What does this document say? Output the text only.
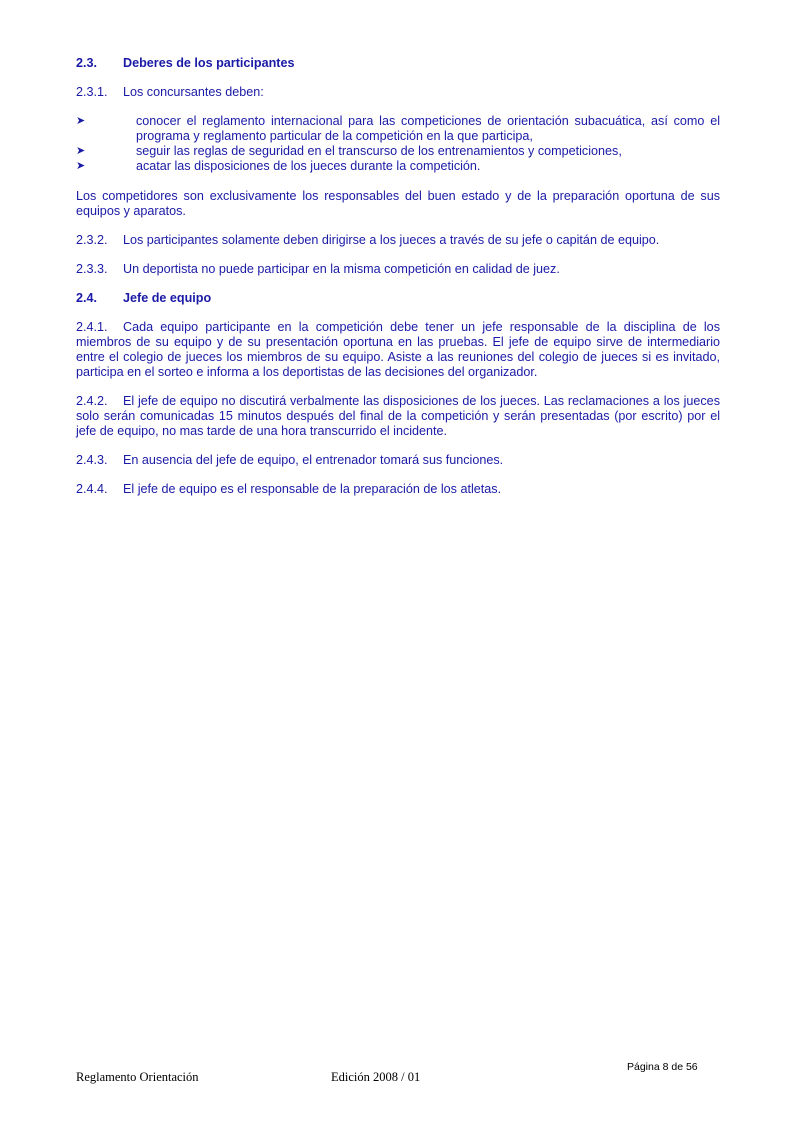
2.3.	Deberes de los participantes
2.3.1.	Los concursantes deben:
➤	conocer el reglamento internacional para las competiciones de orientación subacuática, así como el programa y reglamento particular de la competición en la que participa,
➤	seguir las reglas de seguridad en el transcurso de los entrenamientos y competiciones,
➤	acatar las disposiciones de los jueces durante la competición.

Los competidores son exclusivamente los responsables del buen estado y de la preparación oportuna de sus equipos y aparatos.

2.3.2.	Los participantes solamente deben dirigirse a los jueces a través de su jefe o capitán de equipo.
2.3.3.	Un deportista no puede participar en la misma competición en calidad de juez.
2.4.	Jefe de equipo

2.4.1. Cada equipo participante en la competición debe tener un jefe responsable de la disciplina de los miembros de su equipo y de su presentación oportuna en las pruebas. El jefe de equipo sirve de intermediario entre el colegio de jueces los miembros de su equipo. Asiste a las reuniones del colegio de jueces si es invitado, participa en el sorteo e informa a los deportistas de las decisiones del organizador.

2.4.2. El jefe de equipo no discutirá verbalmente las disposiciones de los jueces. Las reclamaciones a los jueces solo serán comunicadas 15 minutos después del final de la competición y serán presentadas (por escrito) por el jefe de equipo, no mas tarde de una hora transcurrido el incidente.

2.4.3.	En ausencia del jefe de equipo, el entrenador tomará sus funciones.
2.4.4.	El jefe de equipo es el responsable de la preparación de los atletas.
Página 8 de 56
Reglamento Orientación	Edición 2008 / 01
